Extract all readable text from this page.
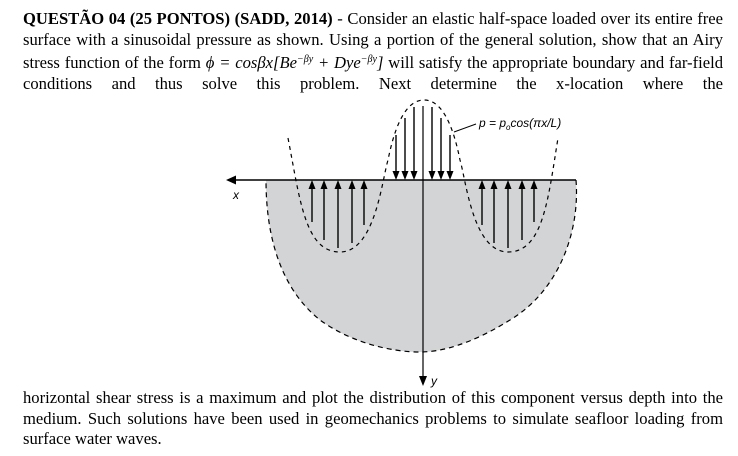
QUESTÃO 04 (25 PONTOS) (SADD, 2014) - Consider an elastic half-space loaded over its entire free surface with a sinusoidal pressure as shown. Using a portion of the general solution, show that an Airy stress function of the form $\phi = \cos\beta x[Be^{-\beta y} + Dye^{-\beta y}]$ will satisfy the appropriate boundary and far-field conditions and thus solve this problem. Next determine the x-location where the
x
y
$p = p_o\cos(\pi x/L)$
horizontal shear stress is a maximum and plot the distribution of this component versus depth into the medium. Such solutions have been used in geomechanics problems to simulate seafloor loading from surface water waves.
